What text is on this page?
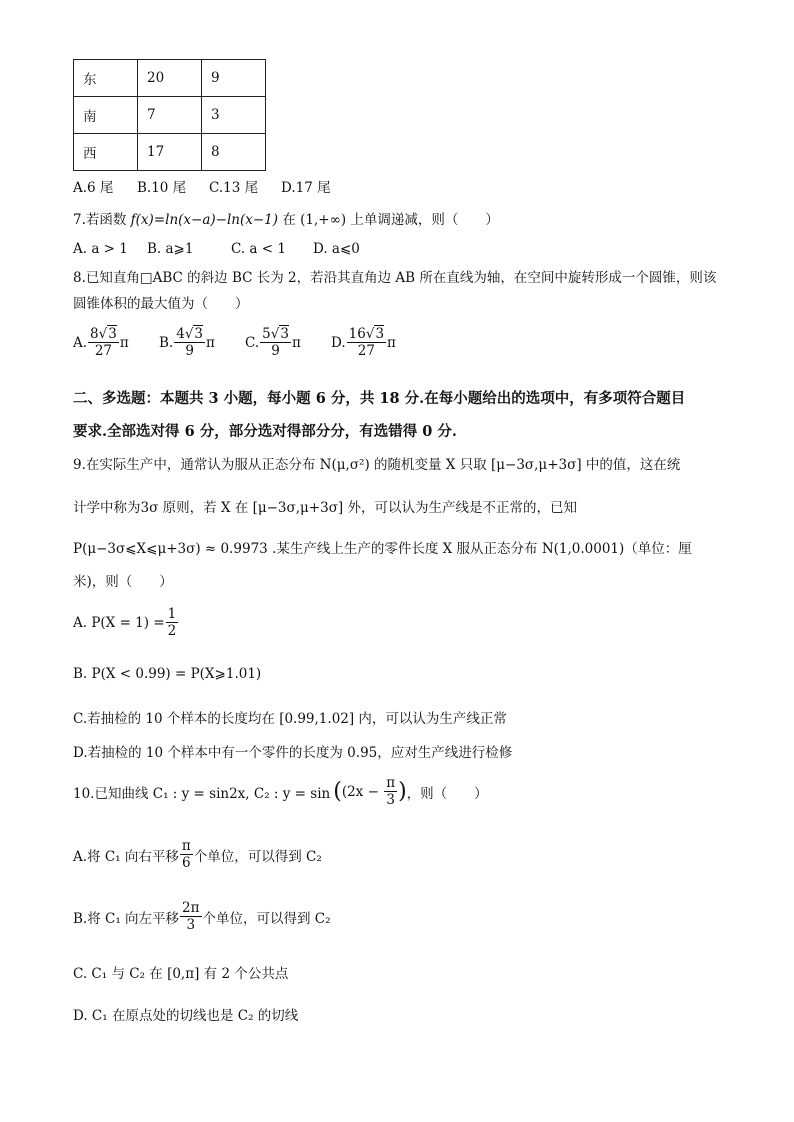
东	20	9
南	7	3
西	17	8
A.6 尾 B.10 尾 C.13 尾 D.17 尾
7.若函数 f(x)=ln(x−a)−ln(x−1) 在 (1,+∞) 上单调递减，则（　　）
A. a > 1 B. a⩾1	C. a < 1 D. a⩽0
8.已知直角□ABC 的斜边 BC 长为 2，若沿其直角边 AB 所在直线为轴，在空间中旋转形成一个圆锥，则该
圆锥体积的最大值为（　　）
A. $\frac{8√3}{27}$ π B. $\frac{4√3}{9}$ π C. $\frac{5√3}{9}$ π D. $\frac{16√3}{27}$ π
二、多选题：本题共 3 小题，每小题 6 分，共 18 分.在每小题给出的选项中，有多项符合题目
要求.全部选对得 6 分，部分选对得部分分，有选错得 0 分.
9.在实际生产中，通常认为服从正态分布 N(μ,σ²) 的随机变量 X 只取 [μ−3σ,μ+3σ] 中的值，这在统
计学中称为3σ 原则，若 X 在 [μ−3σ,μ+3σ] 外，可以认为生产线是不正常的，已知
P(μ−3σ⩽X⩽μ+3σ) ≈ 0.9973 .某生产线上生产的零件长度 X 服从正态分布 N(1,0.0001)（单位：厘
米)，则（　　）
A. $P(X = 1) = \frac{1}{2}$
B. P(X < 0.99) = P(X⩾1.01)
C.若抽检的 10 个样本的长度均在 [0.99,1.02] 内，可以认为生产线正常
D.若抽检的 10 个样本中有一个零件的长度为 0.95，应对生产线进行检修
10.已知曲线 C₁ : y = sin2x, C₂ : y = sin ( ($2x - \frac{\pi}{3}$ ) ，则（　　）
A.将 C₁ 向右平移 $\frac{\pi}{6}$ 个单位，可以得到 C₂
B.将 C₁ 向左平移 $\frac{2\pi}{3}$ 个单位，可以得到 C₂
C. C₁ 与 C₂ 在 [0,π] 有 2 个公共点
D. C₁ 在原点处的切线也是 C₂ 的切线
